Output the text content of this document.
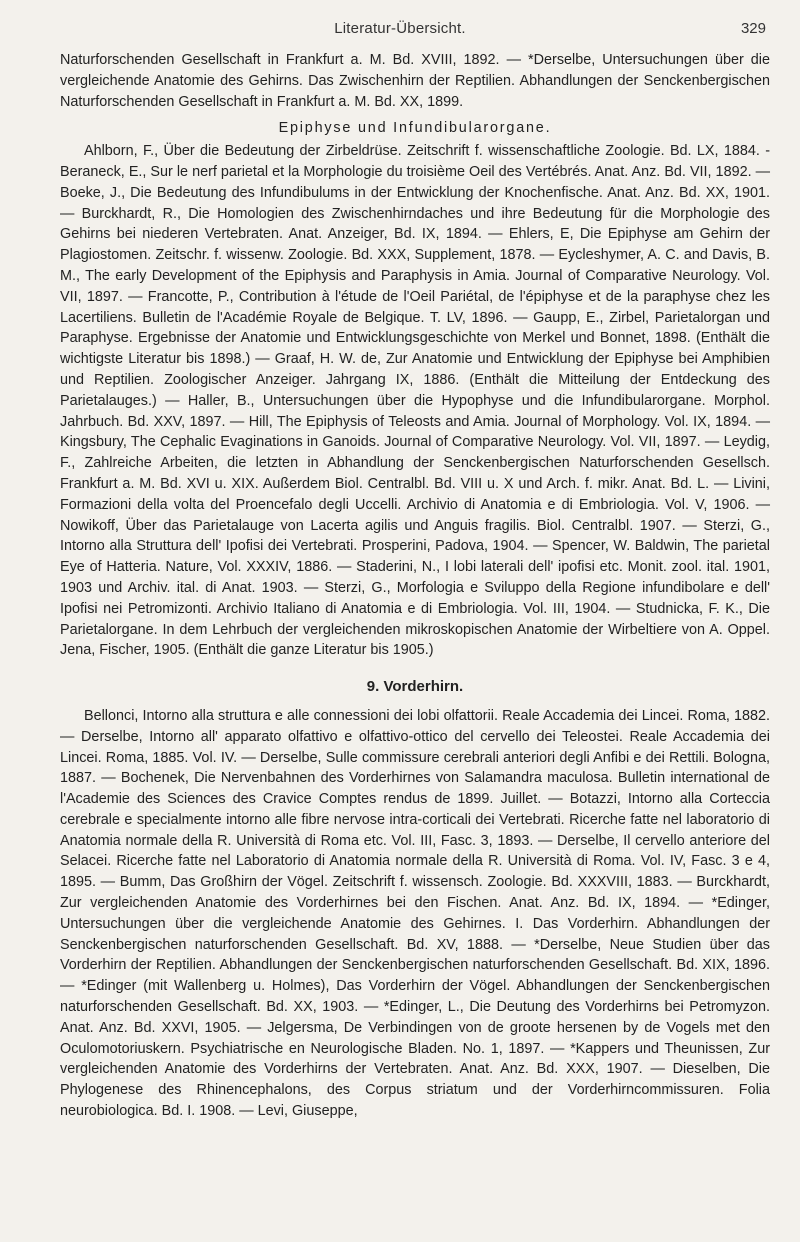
Literatur-Übersicht.	329

Naturforschenden Gesellschaft in Frankfurt a. M. Bd. XVIII, 1892. — *Derselbe, Untersuchungen über die vergleichende Anatomie des Gehirns. Das Zwischenhirn der Reptilien. Abhandlungen der Senckenbergischen Naturforschenden Gesellschaft in Frankfurt a. M. Bd. XX, 1899.

Epiphyse und Infundibularorgane.

Ahlborn, F., Über die Bedeutung der Zirbeldrüse. Zeitschrift f. wissenschaftliche Zoologie. Bd. LX, 1884. - Beraneck, E., Sur le nerf parietal et la Morphologie du troisième Oeil des Vertébrés. Anat. Anz. Bd. VII, 1892. — Boeke, J., Die Bedeutung des Infundibulums in der Entwicklung der Knochenfische. Anat. Anz. Bd. XX, 1901. — Burckhardt, R., Die Homologien des Zwischenhirndaches und ihre Bedeutung für die Morphologie des Gehirns bei niederen Vertebraten. Anat. Anzeiger, Bd. IX, 1894. — Ehlers, E, Die Epiphyse am Gehirn der Plagiostomen. Zeitschr. f. wissenw. Zoologie. Bd. XXX, Supplement, 1878. — Eycleshymer, A. C. and Davis, B. M., The early Development of the Epiphysis and Paraphysis in Amia. Journal of Comparative Neurology. Vol. VII, 1897. — Francotte, P., Contribution à l'étude de l'Oeil Pariétal, de l'épiphyse et de la paraphyse chez les Lacertiliens. Bulletin de l'Académie Royale de Belgique. T. LV, 1896. — Gaupp, E., Zirbel, Parietalorgan und Paraphyse. Ergebnisse der Anatomie und Entwicklungsgeschichte von Merkel und Bonnet, 1898. (Enthält die wichtigste Literatur bis 1898.) — Graaf, H. W. de, Zur Anatomie und Entwicklung der Epiphyse bei Amphibien und Reptilien. Zoologischer Anzeiger. Jahrgang IX, 1886. (Enthält die Mitteilung der Entdeckung des Parietalauges.) — Haller, B., Untersuchungen über die Hypophyse und die Infundibularorgane. Morphol. Jahrbuch. Bd. XXV, 1897. — Hill, The Epiphysis of Teleosts and Amia. Journal of Morphology. Vol. IX, 1894. — Kingsbury, The Cephalic Evaginations in Ganoids. Journal of Comparative Neurology. Vol. VII, 1897. — Leydig, F., Zahlreiche Arbeiten, die letzten in Abhandlung der Senckenbergischen Naturforschenden Gesellsch. Frankfurt a. M. Bd. XVI u. XIX. Außerdem Biol. Centralbl. Bd. VIII u. X und Arch. f. mikr. Anat. Bd. L. — Livini, Formazioni della volta del Proencefalo degli Uccelli. Archivio di Anatomia e di Embriologia. Vol. V, 1906. — Nowikoff, Über das Parietalauge von Lacerta agilis und Anguis fragilis. Biol. Centralbl. 1907. — Sterzi, G., Intorno alla Struttura dell' Ipofisi dei Vertebrati. Prosperini, Padova, 1904. — Spencer, W. Baldwin, The parietal Eye of Hatteria. Nature, Vol. XXXIV, 1886. — Staderini, N., I lobi laterali dell' ipofisi etc. Monit. zool. ital. 1901, 1903 und Archiv. ital. di Anat. 1903. — Sterzi, G., Morfologia e Sviluppo della Regione infundibolare e dell' Ipofisi nei Petromizonti. Archivio Italiano di Anatomia e di Embriologia. Vol. III, 1904. — Studnicka, F. K., Die Parietalorgane. In dem Lehrbuch der vergleichenden mikroskopischen Anatomie der Wirbeltiere von A. Oppel. Jena, Fischer, 1905. (Enthält die ganze Literatur bis 1905.)

9. Vorderhirn.

Bellonci, Intorno alla struttura e alle connessioni dei lobi olfattorii. Reale Accademia dei Lincei. Roma, 1882. — Derselbe, Intorno all' apparato olfattivo e olfattivo-ottico del cervello dei Teleostei. Reale Accademia dei Lincei. Roma, 1885. Vol. IV. — Derselbe, Sulle commissure cerebrali anteriori degli Anfibi e dei Rettili. Bologna, 1887. — Bochenek, Die Nervenbahnen des Vorderhirnes von Salamandra maculosa. Bulletin international de l'Academie des Sciences des Cravice Comptes rendus de 1899. Juillet. — Botazzi, Intorno alla Corteccia cerebrale e specialmente intorno alle fibre nervose intra-corticali dei Vertebrati. Ricerche fatte nel laboratorio di Anatomia normale della R. Università di Roma etc. Vol. III, Fasc. 3, 1893. — Derselbe, Il cervello anteriore del Selacei. Ricerche fatte nel Laboratorio di Anatomia normale della R. Università di Roma. Vol. IV, Fasc. 3 e 4, 1895. — Bumm, Das Großhirn der Vögel. Zeitschrift f. wissensch. Zoologie. Bd. XXXVIII, 1883. — Burckhardt, Zur vergleichenden Anatomie des Vorderhirnes bei den Fischen. Anat. Anz. Bd. IX, 1894. — *Edinger, Untersuchungen über die vergleichende Anatomie des Gehirnes. I. Das Vorderhirn. Abhandlungen der Senckenbergischen naturforschenden Gesellschaft. Bd. XV, 1888. — *Derselbe, Neue Studien über das Vorderhirn der Reptilien. Abhandlungen der Senckenbergischen naturforschenden Gesellschaft. Bd. XIX, 1896. — *Edinger (mit Wallenberg u. Holmes), Das Vorderhirn der Vögel. Abhandlungen der Senckenbergischen naturforschenden Gesellschaft. Bd. XX, 1903. — *Edinger, L., Die Deutung des Vorderhirns bei Petromyzon. Anat. Anz. Bd. XXVI, 1905. — Jelgersma, De Verbindingen von de groote hersenen by de Vogels met den Oculomotoriuskern. Psychiatrische en Neurologische Bladen. No. 1, 1897. — *Kappers und Theunissen, Zur vergleichenden Anatomie des Vorderhirns der Vertebraten. Anat. Anz. Bd. XXX, 1907. — Dieselben, Die Phylogenese des Rhinencephalons, des Corpus striatum und der Vorderhirncommissuren. Folia neurobiologica. Bd. I. 1908. — Levi, Giuseppe,
